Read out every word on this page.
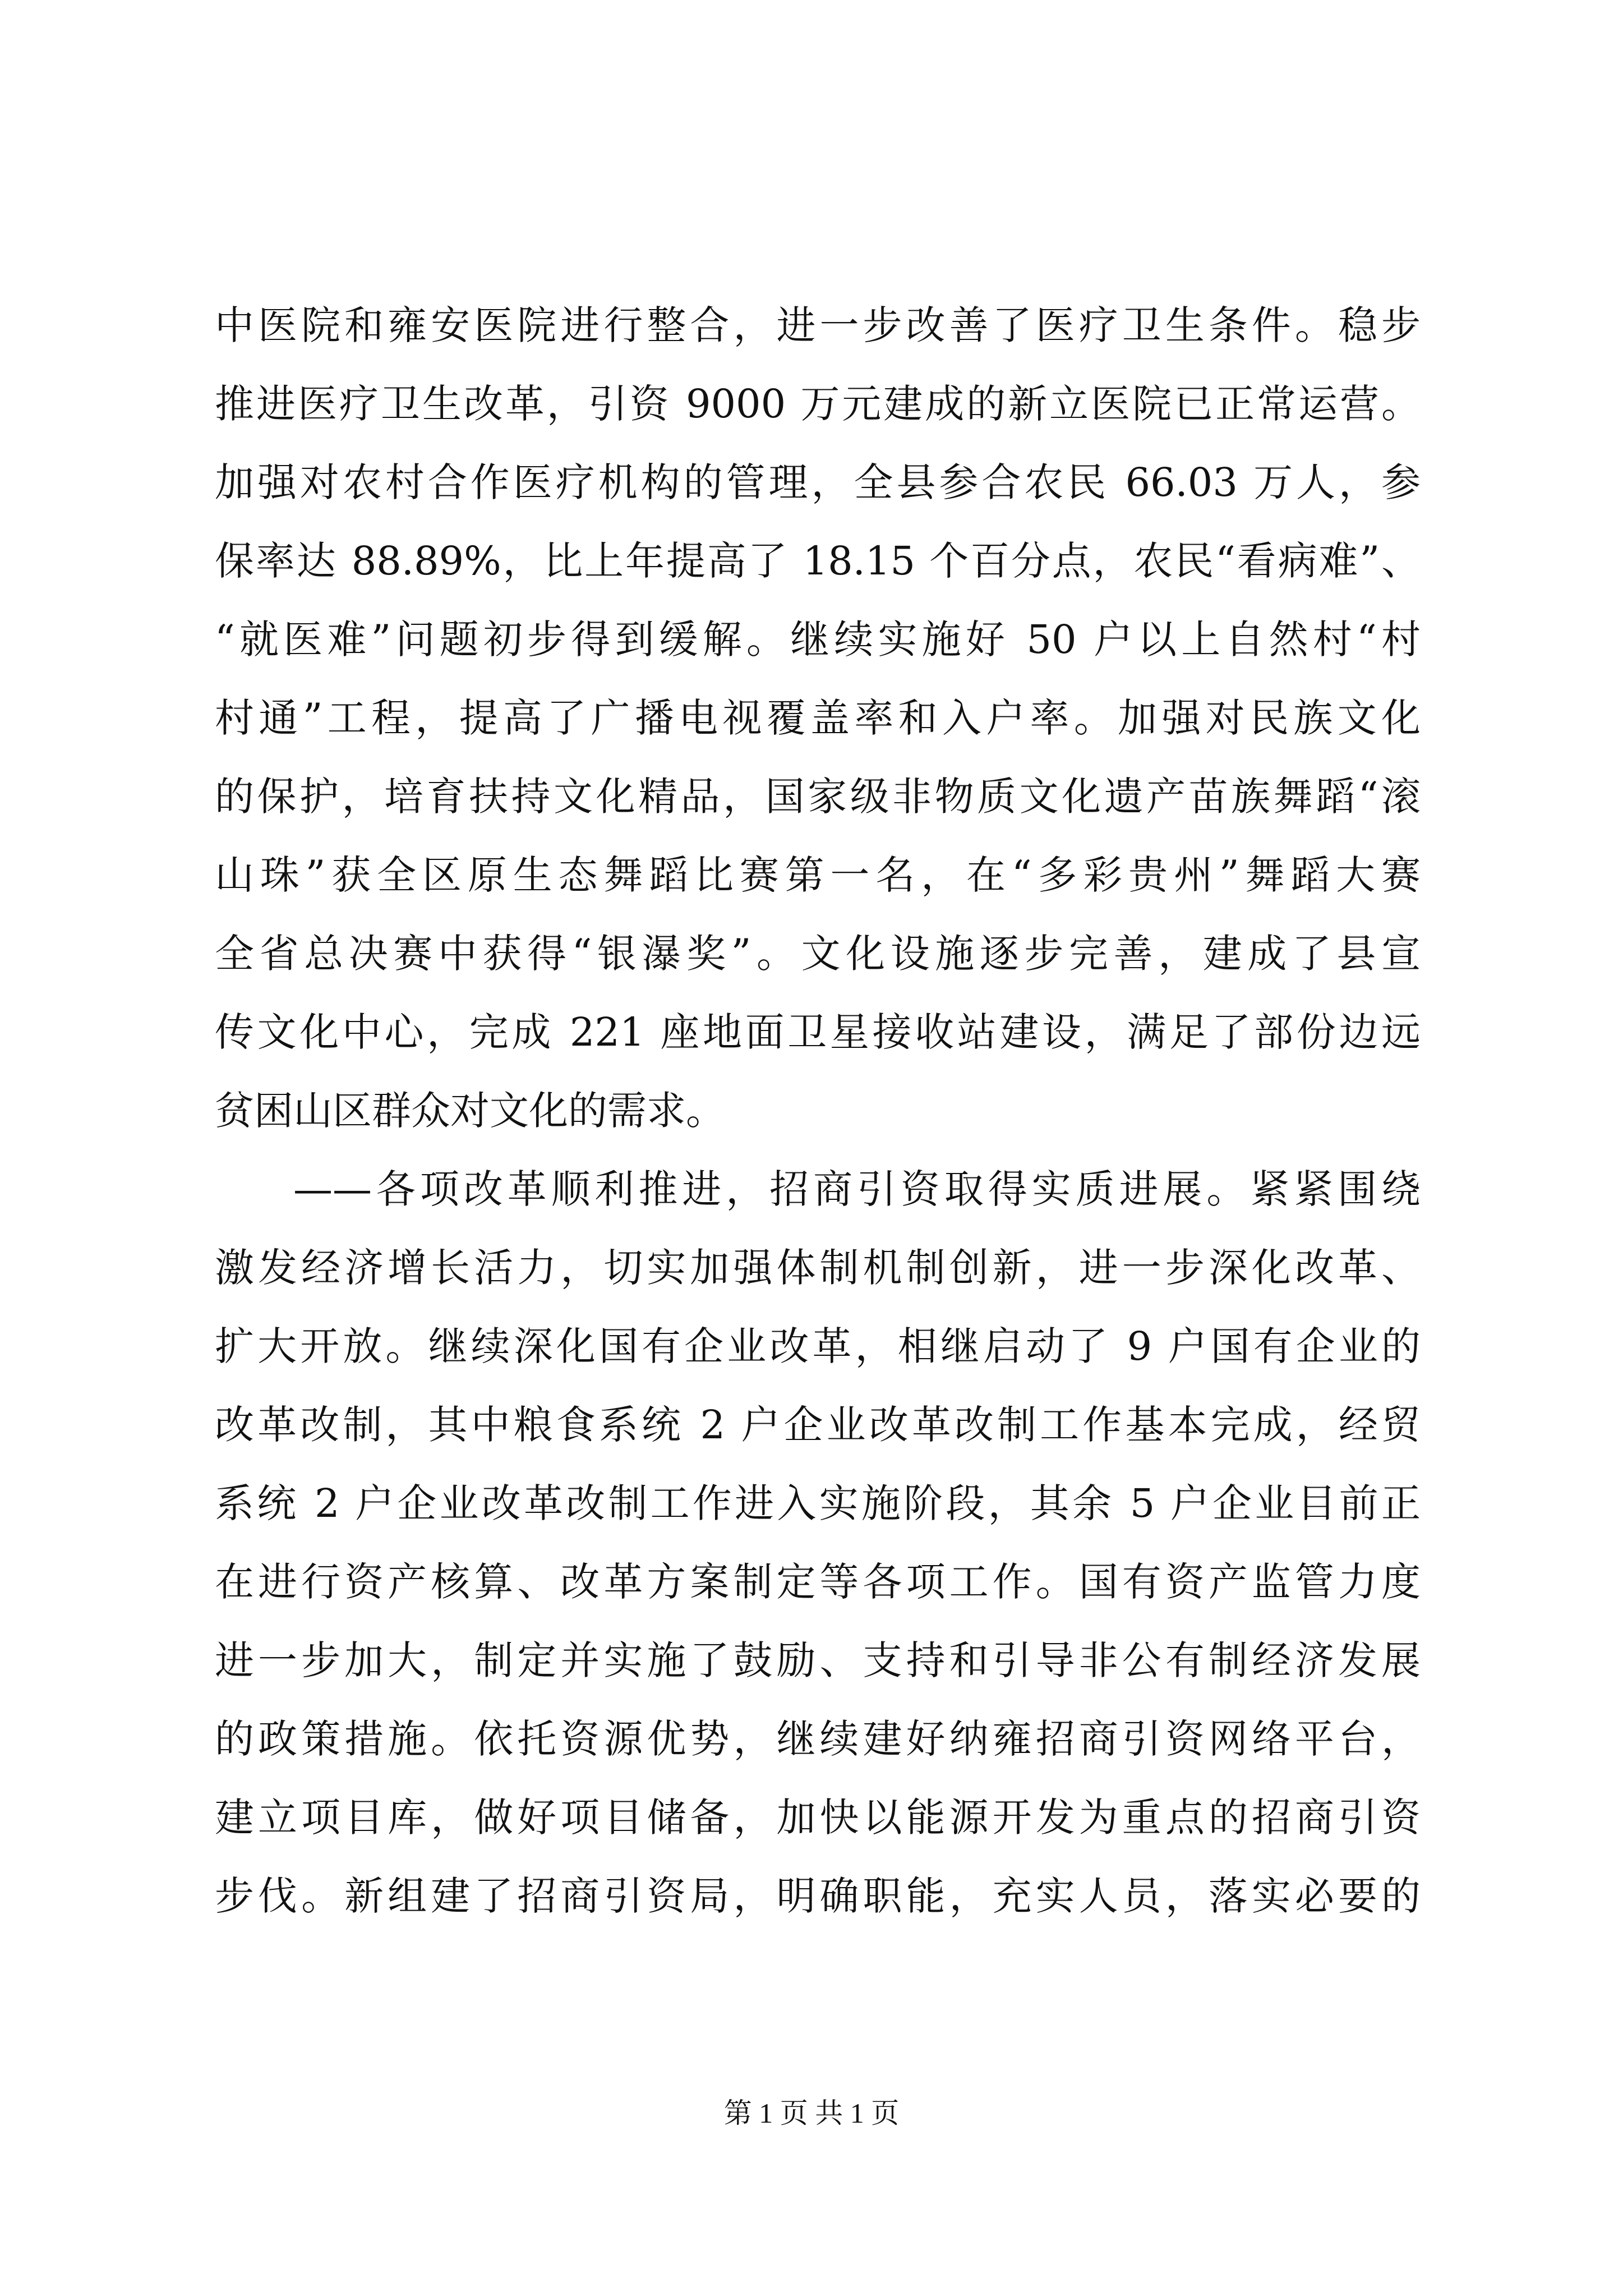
中医院和雍安医院进行整合，进一步改善了医疗卫生条件。稳步
推进医疗卫生改革，引资 9000 万元建成的新立医院已正常运营。
加强对农村合作医疗机构的管理，全县参合农民 66.03 万人，参
保率达 88.89%，比上年提高了 18.15 个百分点，农民“看病难”、
“就医难”问题初步得到缓解。继续实施好 50 户以上自然村“村
村通”工程，提高了广播电视覆盖率和入户率。加强对民族文化
的保护，培育扶持文化精品，国家级非物质文化遗产苗族舞蹈“滚
山珠”获全区原生态舞蹈比赛第一名，在“多彩贵州”舞蹈大赛
全省总决赛中获得“银瀑奖”。文化设施逐步完善，建成了县宣
传文化中心，完成 221 座地面卫星接收站建设，满足了部份边远
贫困山区群众对文化的需求。
——各项改革顺利推进，招商引资取得实质进展。紧紧围绕
激发经济增长活力，切实加强体制机制创新，进一步深化改革、
扩大开放。继续深化国有企业改革，相继启动了 9 户国有企业的
改革改制，其中粮食系统 2 户企业改革改制工作基本完成，经贸
系统 2 户企业改革改制工作进入实施阶段，其余 5 户企业目前正
在进行资产核算、改革方案制定等各项工作。国有资产监管力度
进一步加大，制定并实施了鼓励、支持和引导非公有制经济发展
的政策措施。依托资源优势，继续建好纳雍招商引资网络平台，
建立项目库，做好项目储备，加快以能源开发为重点的招商引资
步伐。新组建了招商引资局，明确职能，充实人员，落实必要的
第 1 页 共 1 页
